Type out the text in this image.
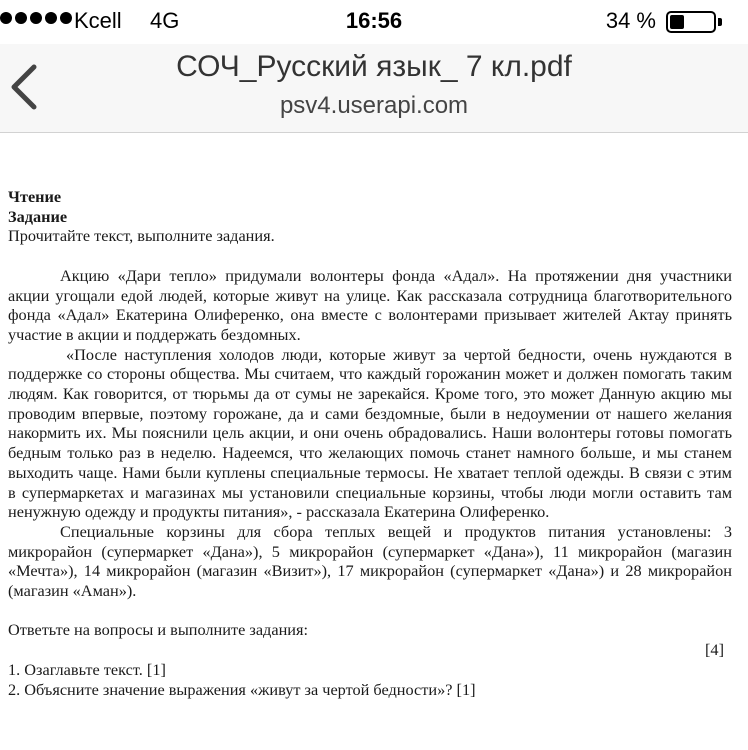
Kcell 4G	16:56	34 %
СОЧ_Русский язык_ 7 кл.pdf
psv4.userapi.com

Чтение

Задание

Прочитайте текст, выполните задания.

Акцию «Дари тепло» придумали волонтеры фонда «Адал». На протяжении дня участники акции угощали едой людей, которые живут на улице. Как рассказала сотрудница благотворительного фонда «Адал» Екатерина Олиференко, она вместе с волонтерами призывает жителей Актау принять участие в акции и поддержать бездомных.

«После наступления холодов люди, которые живут за чертой бедности, очень нуждаются в поддержке со стороны общества. Мы считаем, что каждый горожанин может и должен помогать таким людям. Как говорится, от тюрьмы да от сумы не зарекайся. Кроме того, это может Данную акцию мы проводим впервые, поэтому горожане, да и сами бездомные, были в недоумении от нашего желания накормить их. Мы пояснили цель акции, и они очень обрадовались. Наши волонтеры готовы помогать бедным только раз в неделю. Надеемся, что желающих помочь станет намного больше, и мы станем выходить чаще. Нами были куплены специальные термосы. Не хватает теплой одежды. В связи с этим в супермаркетах и магазинах мы установили специальные корзины, чтобы люди могли оставить там ненужную одежду и продукты питания», - рассказала Екатерина Олиференко.

Специальные корзины для сбора теплых вещей и продуктов питания установлены: 3 микрорайон (супермаркет «Дана»), 5 микрорайон (супермаркет «Дана»), 11 микрорайон (магазин «Мечта»), 14 микрорайон (магазин «Визит»), 17 микрорайон (супермаркет «Дана») и 28 микрорайон (магазин «Аман»).

Ответьте на вопросы и выполните задания:

[4]

1. Озаглавьте текст. [1]

2. Объясните значение выражения «живут за чертой бедности»? [1]
